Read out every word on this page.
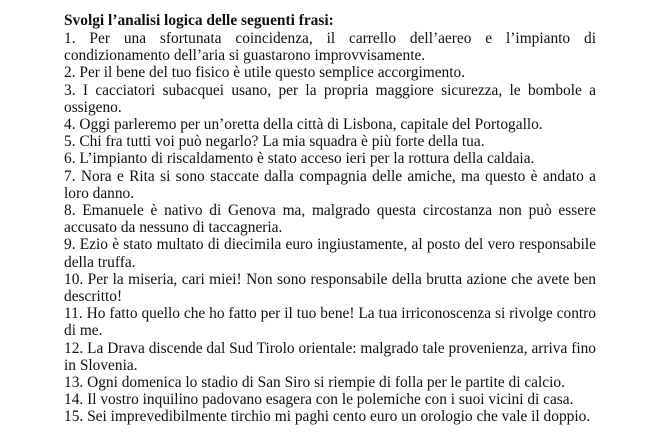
Svolgi l’analisi logica delle seguenti frasi:

1. Per una sfortunata coincidenza, il carrello dell’aereo e l’impianto di condizionamento dell’aria si guastarono improvvisamente.

2. Per il bene del tuo fisico è utile questo semplice accorgimento.

3. I cacciatori subacquei usano, per la propria maggiore sicurezza, le bombole a ossigeno.

4. Oggi parleremo per un’oretta della città di Lisbona, capitale del Portogallo.

5. Chi fra tutti voi può negarlo? La mia squadra è più forte della tua.

6. L’impianto di riscaldamento è stato acceso ieri per la rottura della caldaia.

7. Nora e Rita si sono staccate dalla compagnia delle amiche, ma questo è andato a loro danno.

8. Emanuele è nativo di Genova ma, malgrado questa circostanza non può essere accusato da nessuno di taccagneria.

9. Ezio è stato multato di diecimila euro ingiustamente, al posto del vero responsabile della truffa.

10. Per la miseria, cari miei! Non sono responsabile della brutta azione che avete ben descritto!

11. Ho fatto quello che ho fatto per il tuo bene! La tua irriconoscenza si rivolge contro di me.

12. La Drava discende dal Sud Tirolo orientale: malgrado tale provenienza, arriva fino in Slovenia.

13. Ogni domenica lo stadio di San Siro si riempie di folla per le partite di calcio.

14. Il vostro inquilino padovano esagera con le polemiche con i suoi vicini di casa.

15. Sei imprevedibilmente tirchio mi paghi cento euro un orologio che vale il doppio.
